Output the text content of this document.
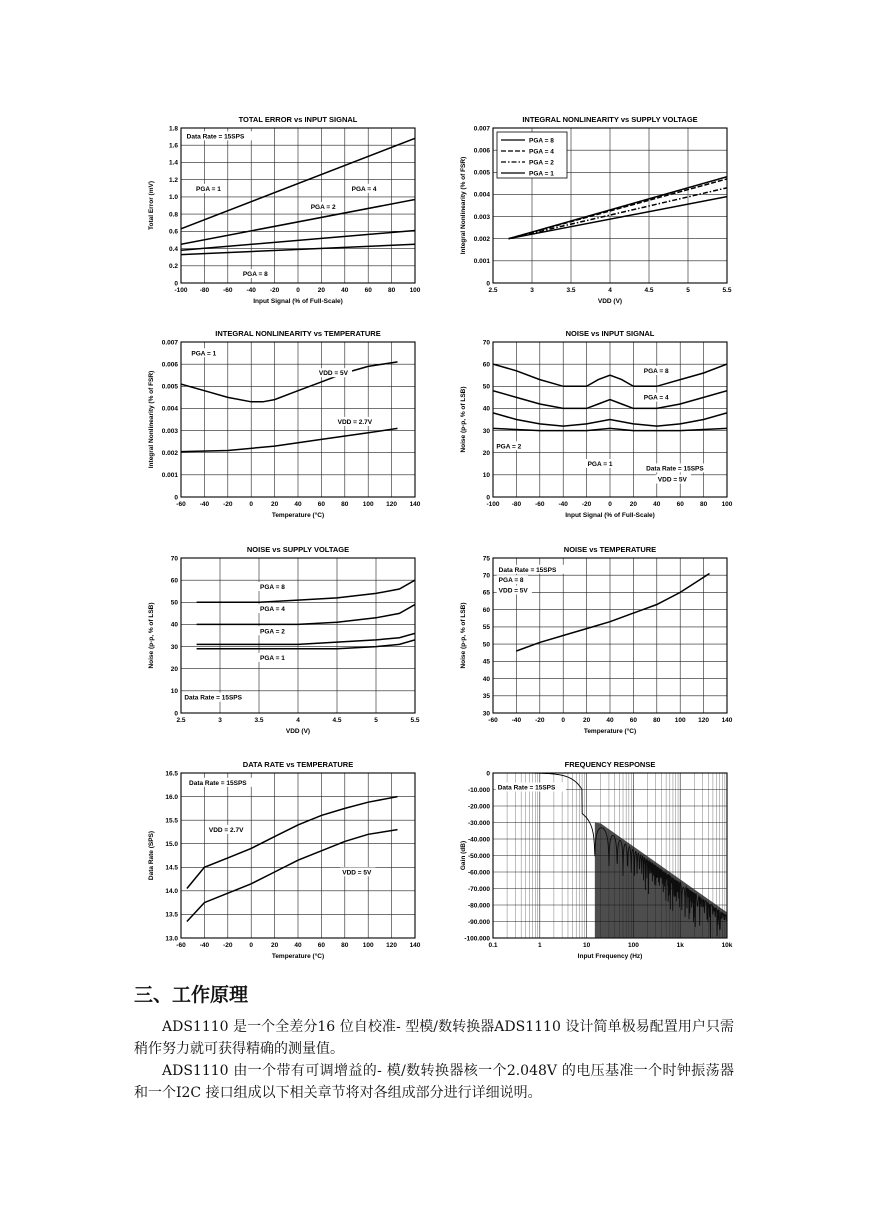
TOTAL ERROR vs INPUT SIGNAL
-100 -80 -60 -40 -20	0	20 40 60 80 100
0
0.2
0.4
0.6
0.8
1.0
1.2
1.4
1.6
1.8
Input Signal (% of Full-Scale)
Total Error (mV)
Data Rate = 15SPS
PGA = 1
PGA = 2
PGA = 4
PGA = 8
INTEGRAL NONLINEARITY vs SUPPLY VOLTAGE
2.5	3	3.5	4	4.5	5	5.5
0
0.001
0.002
0.003
0.004
0.005
0.006
0.007
VDD (V)
Integral Nonlinearity (% of FSR)
PGA = 8
PGA = 4
PGA = 2
PGA = 1
INTEGRAL NONLINEARITY vs TEMPERATURE
-60 -40 -20	0	20 40 60 80 100 120 140
0
0.001
0.002
0.003
0.004
0.005
0.006
0.007
Temperature (°C)
Integral Nonlinearity (% of FSR)
PGA = 1
VDD = 5V
VDD = 2.7V
NOISE vs INPUT SIGNAL
-100 -80 -60 -40 -20	0	20 40 60 80 100
0
10
20
30
40
50
60
70
Input Signal (% of Full-Scale)
Noise (p-p, % of LSB)
PGA = 8
PGA = 4
PGA = 2
PGA = 1
Data Rate = 15SPS
VDD = 5V
NOISE vs SUPPLY VOLTAGE
2.5	3	3.5	4	4.5	5	5.5
0
10
20
30
40
50
60
70
VDD (V)
Noise (p-p, % of LSB)
PGA = 8
PGA = 4
PGA = 2
PGA = 1
Data Rate = 15SPS
NOISE vs TEMPERATURE
-60 -40 -20	0	20 40 60 80 100 120 140
30
35
40
45
50
55
60
65
70
75
Temperature (°C)
Noise (p-p, % of LSB)
Data Rate = 15SPS
PGA = 8
VDD = 5V
DATA RATE vs TEMPERATURE
-60 -40 -20	0	20 40 60 80 100 120 140
13.0
13.5
14.0
14.5
15.0
15.5
16.0
16.5
Temperature (°C)
Data Rate (SPS)
Data Rate = 15SPS
VDD = 2.7V
VDD = 5V
FREQUENCY RESPONSE
0.1	1	10	100	1k	10k
0
-10.000
-20.000
-30.000
-40.000
-50.000
-60.000
-70.000
-80.000
-90.000
-100.000
Input Frequency (Hz)
Gain (dB)
Data Rate = 15SPS
三、工作原理

ADS1110 是一个全差分16 位自校准- 型模/数转换器ADS1110 设计简单极易配置用户只需稍作努力就可获得精确的测量值。

ADS1110 由一个带有可调增益的- 模/数转换器核一个2.048V 的电压基准一个时钟振荡器和一个I2C 接口组成以下相关章节将对各组成部分进行详细说明。
